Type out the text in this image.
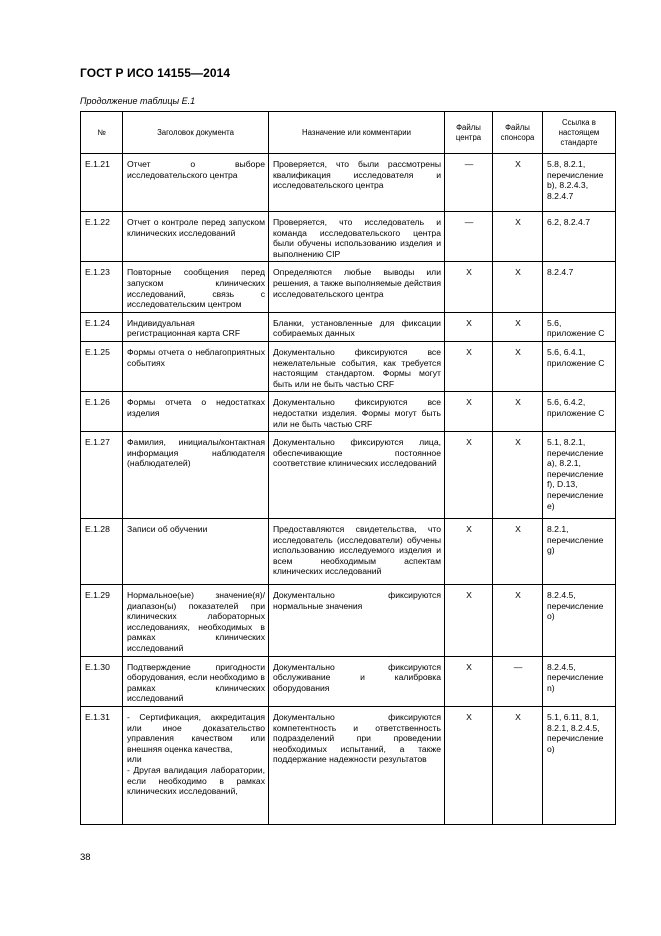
ГОСТ Р ИСО 14155—2014
Продолжение таблицы Е.1
№	Заголовок документа	Назначение или комментарии	Файлы центра	Файлы спонсора	Ссылка в настоящем стандарте
Е.1.21	Отчет о выборе исследовательского центра	Проверяется, что были рассмотрены квалификация исследователя и исследовательского центра	—	X	5.8, 8.2.1, перечисление b), 8.2.4.3, 8.2.4.7
Е.1.22	Отчет о контроле перед запуском клинических исследований	Проверяется, что исследователь и команда исследовательского центра были обучены использованию изделия и выполнению CIP	—	X	6.2, 8.2.4.7
Е.1.23	Повторные сообщения перед запуском клинических исследований, связь с исследовательским центром	Определяются любые выводы или решения, а также выполняемые действия исследовательского центра	X	X	8.2.4.7
Е.1.24	Индивидуальная регистрационная карта CRF	Бланки, установленные для фиксации собираемых данных	X	X	5.6, приложение С
Е.1.25	Формы отчета о неблагоприятных событиях	Документально фиксируются все нежелательные события, как требуется настоящим стандартом. Формы могут быть или не быть частью CRF	X	X	5.6, 6.4.1, приложение С
Е.1.26	Формы отчета о недостатках изделия	Документально фиксируются все недостатки изделия. Формы могут быть или не быть частью CRF	X	X	5.6, 6.4.2, приложение С
Е.1.27	Фамилия, инициалы/контактная информация наблюдателя (наблюдателей)	Документально фиксируются лица, обеспечивающие постоянное соответствие клинических исследований	X	X	5.1, 8.2.1, перечисление a), 8.2.1, перечисление f), D.13, перечисление e)
Е.1.28	Записи об обучении	Предоставляются свидетельства, что исследователь (исследователи) обучены использованию исследуемого изделия и всем необходимым аспектам клинических исследований	X	X	8.2.1, перечисление g)
Е.1.29	Нормальное(ые) значение(я)/диапазон(ы) показателей при клинических лабораторных исследованиях, необходимых в рамках клинических исследований	Документально фиксируются нормальные значения	X	X	8.2.4.5, перечисление o)
Е.1.30	Подтверждение пригодности оборудования, если необходимо в рамках клинических исследований	Документально фиксируются обслуживание и калибровка оборудования	X	—	8.2.4.5, перечисление n)
Е.1.31	- Сертификация, аккредитация или иное доказательство управления качеством или внешняя оценка качества,
или
- Другая валидация лаборатории, если необходимо в рамках клинических исследований,	Документально фиксируются компетентность и ответственность подразделений при проведении необходимых испытаний, а также поддержание надежности результатов	X	X	5.1, 6.11, 8.1, 8.2.1, 8.2.4.5, перечисление o)
38
